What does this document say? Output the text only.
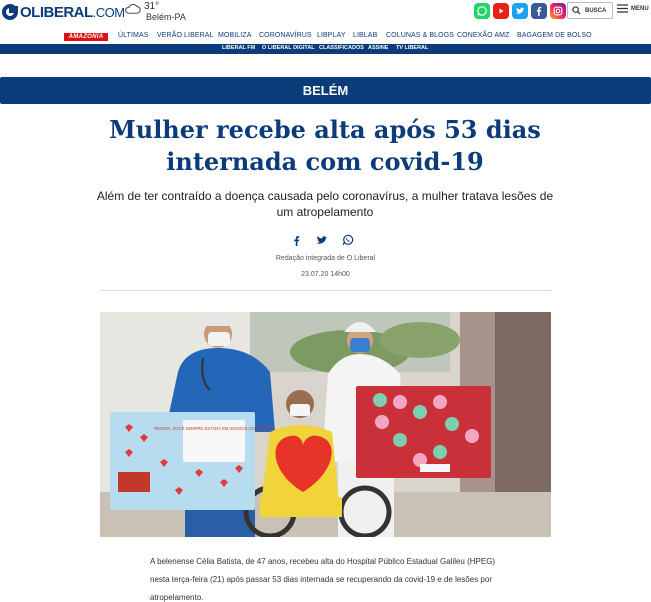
OLIBERAL.COM 31°
Belém-PA
BUSCA	MENU
AMAZÔNIA	ÚLTIMAS VERÃO LIBERAL MOBILIZA CORONAVÍRUS LIBPLAY LIBLAB COLUNAS & BLOGS CONEXÃO AMZ BAGAGEM DE BOLSO
LIBERAL FM O LIBERAL DIGITAL CLASSIFICADOS ASSINE TV LIBERAL
BELÉM
Mulher recebe alta após 53 dias internada com covid-19

Além de ter contraído a doença causada pelo coronavírus, a mulher tratava lesões de um atropelamento

Redação integrada de O Liberal
23.07.20 14h00
REGINA, VOCÊ SEMPRE ESTARÁ EM NOSSOS CORAÇÕES!

A belenense Célia Batista, de 47 anos, recebeu alta do Hospital Público Estadual Galileu (HPEG) nesta terça-feira (21) após passar 53 dias internada se recuperando da covid-19 e de lesões por atropelamento.
